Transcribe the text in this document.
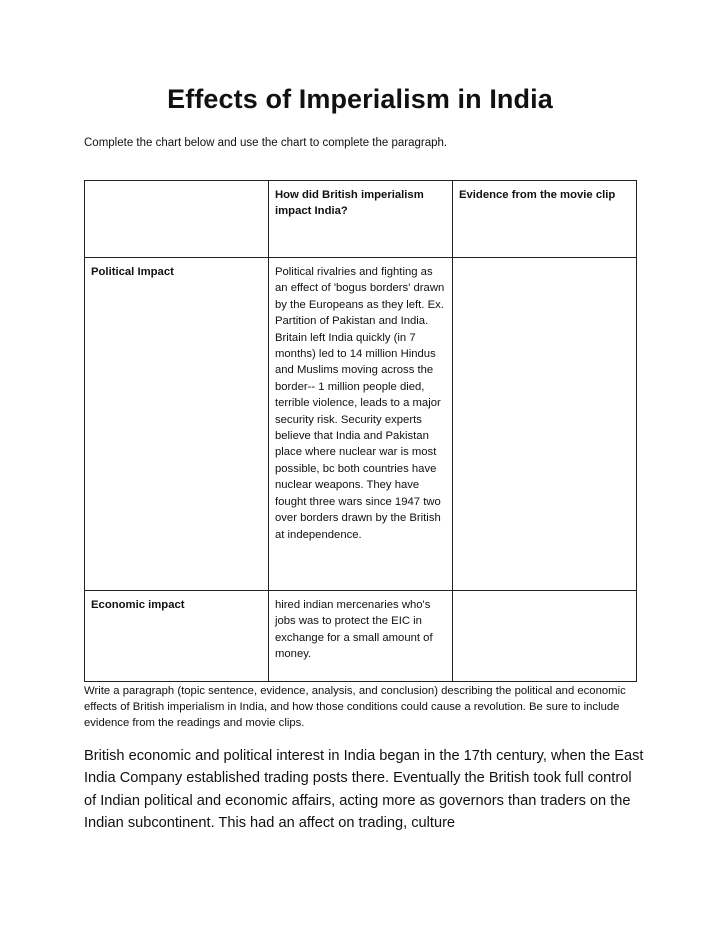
Effects of Imperialism in India

Complete the chart below and use the chart to complete the paragraph.

	How did British imperialism impact India?	Evidence from the movie clip
Political Impact	Political rivalries and fighting as an effect of 'bogus borders' drawn by the Europeans as they left. Ex. Partition of Pakistan and India. Britain left India quickly (in 7 months) led to 14 million Hindus and Muslims moving across the border-- 1 million people died, terrible violence, leads to a major security risk. Security experts believe that India and Pakistan place where nuclear war is most possible, bc both countries have nuclear weapons. They have fought three wars since 1947 two over borders drawn by the British at independence.	
Economic impact	hired indian mercenaries who's jobs was to protect the EIC in exchange for a small amount of money.	

Write a paragraph (topic sentence, evidence, analysis, and conclusion) describing the political and economic effects of British imperialism in India, and how those conditions could cause a revolution. Be sure to include evidence from the readings and movie clips.

British economic and political interest in India began in the 17th century, when the East India Company established trading posts there. Eventually the British took full control of Indian political and economic affairs, acting more as governors than traders on the Indian subcontinent. This had an affect on trading, culture
